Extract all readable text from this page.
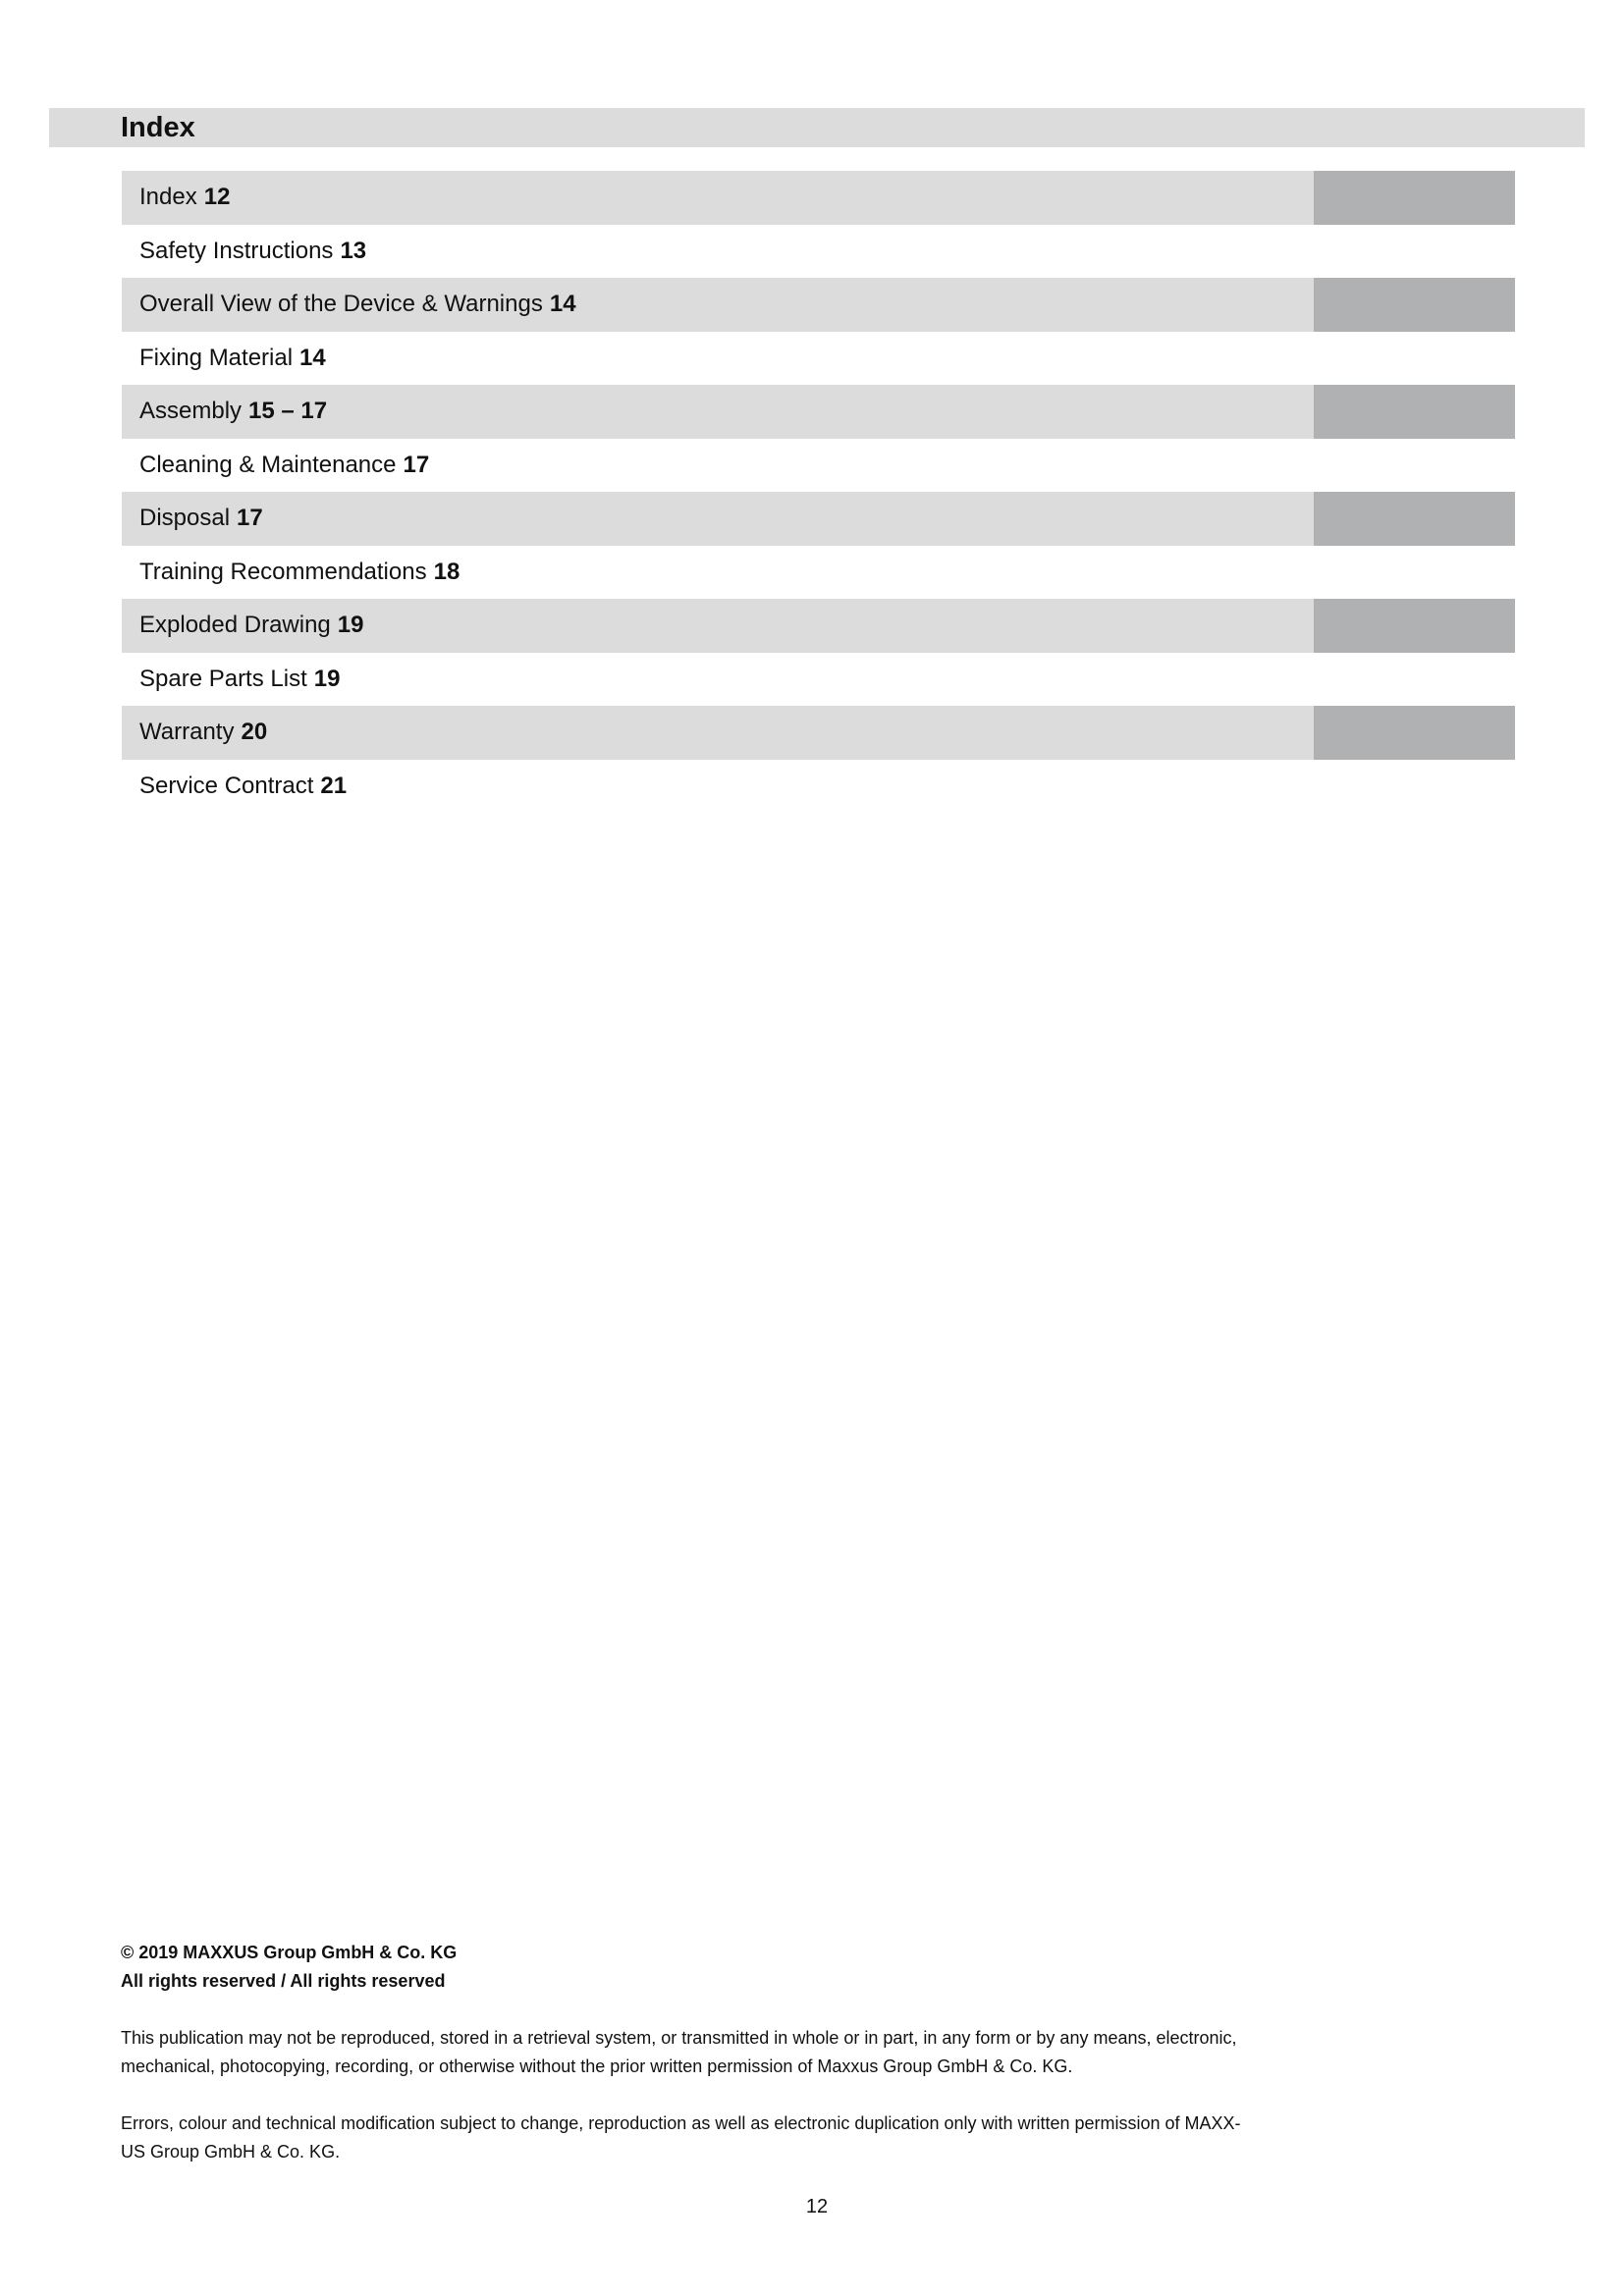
Index
Index 12
Safety Instructions 13
Overall View of the Device & Warnings 14
Fixing Material 14
Assembly 15 – 17
Cleaning & Maintenance 17
Disposal 17
Training Recommendations 18
Exploded Drawing 19
Spare Parts List 19
Warranty 20
Service Contract 21

© 2019 MAXXUS Group GmbH & Co. KG

All rights reserved / All rights reserved

This publication may not be reproduced, stored in a retrieval system, or transmitted in whole or in part, in any form or by any means, electronic,

mechanical, photocopying, recording, or otherwise without the prior written permission of Maxxus Group GmbH & Co. KG.

Errors, colour and technical modification subject to change, reproduction as well as electronic duplication only with written permission of MAXX-

US Group GmbH & Co. KG.

12
